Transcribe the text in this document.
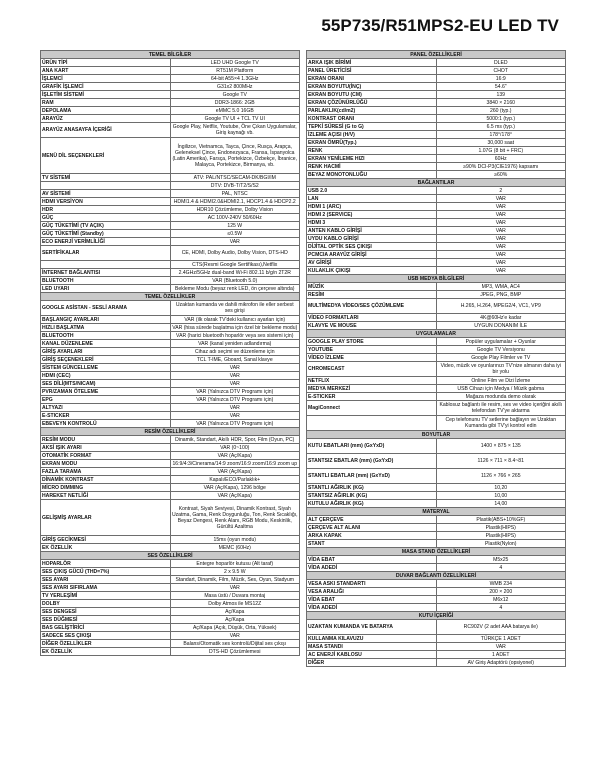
55P735/R51MPS2-EU LED TV
TEMEL BİLGİLER	
ÜRÜN TİPİ	LED UHD Google TV
ANA KART	RT51M Platform
İŞLEMCİ	64-bit A55×4 1.3GHz
GRAFİK İŞLEMCİ	G31x2 800MHz
İŞLETİM SİSTEMİ	Google TV
RAM	DDR3-1866: 2GB
DEPOLAMA	eMMC 5.0 16GB
ARAYÜZ	Google TV UI + TCL TV UI
ARAYÜZ ANASAYFA İÇERİĞİ	Google Play, Netflix, Youtube, Öne Çıkan Uygulamalar, Giriş kaynağı vb.
MENÜ DİL SEÇENEKLERİ	İngilizce, Vietnamca, Tayca, Çince, Rusça, Arapça, Geleneksel Çince, Endonezyaca, Fransa, İspanyolca (Latin Amerika), Farsça, Portekizce, Özbekçe, İbranice, Malayca, Portekizce, Birmanya, vb.
TV SİSTEMİ	ATV: PAL/NTSC/SECAM-DK/BGI/IM
	DTV: DVB-T/T2/S/S2
AV SİSTEMİ	PAL, NTSC
HDMI VERSİYON	HDMI1.4 & HDMI2.0&HDMI2.1, HDCP1.4 & HDCP2.2
HDR	HDR10 Çözümleme, Dolby Vision
GÜÇ	AC 100V-240V 50/60Hz
GÜÇ TÜKETİMİ (TV AÇIK)	125 W
GÜÇ TÜKETİMİ (Standby)	≤0.5W
ECO ENERJİ VERİMLİLİĞİ	VAR
SERTİFİKALAR	CE, HDMI, Dolby Audio, Dolby Vision, DTS-HD
	CTS(Resmi Google Sertifikası),Netflix
İNTERNET BAĞLANTISI	2.4GHz/5GHz dual-band Wi-Fi 802.11 b/g/n 2T2R
BLUETOOTH	VAR (Bluetooth 5.0)
LED UYARI	Bekleme Modu (beyaz renk LED, ön çerçeve altında)
TEMEL ÖZELLİKLER	
GOOGLE ASİSTAN - SESLİ ARAMA	Uzaktan kumanda ve dahili mikrofon ile eller serbest ses girişi
BAŞLANGIÇ AYARLARI	VAR (ilk olarak TV'deki kullanıcı ayarları için)
HIZLI BAŞLATMA	VAR (hisa sürede başlatma için özel bir bekleme modu)
BLUETOOTH	VAR (harici bluetooth hoparlör veya ses sistemi için)
KANAL DÜZENLEME	VAR (kanal yeniden adlandırma)
GİRİŞ AYARLARI	Cihaz adı seçimi ve düzenleme için
GİRİŞ SEÇENEKLERİ	TCL T-IME, Gboard, Sanal klavye
SİSTEM GÜNCELLEME	VAR
HDMI (CEC)	VAR
SES DİLİ(MTS/NICAM)	VAR
PVR/ZAMAN ÖTELEME	VAR (Yalnızca DTV Programı için)
EPG	VAR (Yalnızca DTV Programı için)
ALTYAZI	VAR
E-STICKER	VAR
EBEVEYN KONTROLÜ	VAR (Yalnızca DTV Programı için)
RESİM ÖZELLİKLERİ	
RESİM MODU	Dinamik, Standart, Akıllı HDR, Spor, Film (Oyun, PC)
AKSİ IŞIK AYARI	VAR (0~100)
OTOMATİK FORMAT	VAR (Aç/Kapa)
EKRAN MODU	16:9/4:3/Cinerama/14:9 zoom/16:9 zoom/16:9 zoom up
FAZLA TARAMA	VAR (Aç/Kapa)
DİNAMİK KONTRAST	Kapalı/ECO/Parlaklık+
MİCRO DIMMING	VAR (Aç/Kapa), 1296 bölge
HAREKET NETLİĞİ	VAR (Aç/Kapa)
GELİŞMİŞ AYARLAR	Kontrast, Siyah Seviyesi, Dinamik Kontrast, Siyah Uzatma, Gama, Renk Doygunluğu, Ton, Renk Sıcaklığı, Beyaz Dengesi, Renk Alanı, RGB Modu, Keskinlik, Gürültü Azaltma
GİRİŞ GECİKMESİ	15ms (oyun modu)
EK ÖZELLİK	MEMC (60Hz)
SES ÖZELLİKLERİ	
HOPARLÖR	Entegre hoparlör kutusu (Alt taraf)
SES ÇIKIŞ GÜCÜ (THD=7%)	2 x 9.5 W
SES AYARI	Standart, Dinamik, Film, Müzik, Ses, Oyun, Stadyum
SES AYARI SIFIRLAMA	VAR
TV YERLEŞİMİ	Masa üstü / Duvara montaj
DOLBY	Dolby Atmos ile MS12Z
SES DENGESİ	Aç/Kapa
SES DÜĞMESİ	Aç/Kapa
BAS GELİŞTİRİCİ	Aç/Kapa (Açık, Düşük, Orta, Yüksek)
SADECE SES ÇIKIŞI	VAR
DİĞER ÖZELLİKLER	Balans/Otomatik ses kontrolü/Dijital ses çıkışı
EK ÖZELLİK	DTS-HD Çözümlemesi
PANEL ÖZELLİKLERİ	
ARKA IŞIK BİRİMİ	DLED
PANEL ÜRETİCİSİ	CHOT
EKRAN ORANI	16:9
EKRAN BOYUTU(İNÇ)	54.6"
EKRAN BOYUTU (CM)	139
EKRAN ÇÖZÜNÜRLÜĞÜ	3840 × 2160
PARLAKLIK(cd/m2)	260 (typ.)
KONTRAST ORANI	5000:1 (typ.)
TEPKİ SÜRESİ (G to G)	6.5 ms (typ.)
İZLEME AÇISI (H/V)	178°/178°
EKRAN ÖMRÜ(Typ.)	30,000 saat
RENK	1.07G (8 bit + FRC)
EKRAN YENİLEME HIZI	60Hz
RENK HACMİ	≥90% DCI-P3(CIE1976) kapsamı
BEYAZ MONOTONLUĞU	≥60%
BAĞLANTILAR	
USB 2.0	2
LAN	VAR
HDMI 1 (ARC)	VAR
HDMI 2 (SERVICE)	VAR
HDMI 3	VAR
ANTEN KABLO GİRİŞİ	VAR
UYDU KABLO GİRİŞİ	VAR
DİJİTAL OPTİK SES ÇIKIŞI	VAR
PCMCIA ARAYÜZ GİRİŞİ	VAR
AV GİRİŞİ	VAR
KULAKLIK ÇIKIŞI	VAR
USB MEDYA BİLGİLERİ	
MÜZİK	MP3, WMA, AC4
RESİM	JPEG, PNG, BMP
MULTİMEDYA VİDEO/SES ÇÖZÜMLEME	H.265, H.264, MPEG2/4, VC1, VP9
VİDEO FORMATLARI	4K@60Hz'e kadar
KLAVYE VE MOUSE	UYGUN DONANIM İLE
UYGULAMALAR	
GOOGLE PLAY STORE	Popüler uygulamalar + Oyunlar
YOUTUBE	Google TV Versiyonu
VİDEO İZLEME	Google Play Filmler ve TV
CHROMECAST	Video, müzik ve oyunlarınızı TV'nize almanın daha iyi bir yolu
NETFLIX	Online Film ve Dizi İzleme
MEDYA MERKEZİ	USB Cihazı için Medya / Müzik gabma
E-STICKER	Mağaza modunda demo olarak
MagiConnect	Kablosuz bağlantı ile resim, ses ve video içeriğini akıllı telefondan TV'ye aktarma
	Cep telefonunu TV setlerine bağlayın ve Uzaktan Kumanda gibi TV'yi kontrol edin
BOYUTLAR	
KUTU EBATLARI (mm) (GxYxD)	1400 × 875 × 135
STANTSIZ EBATLAR (mm) (GxYxD)	1126 × 711 × 8.4~81
STANTLI EBATLAR (mm) (GxYxD)	1126 × 766 × 265
STANTLI AĞIRLIK (KG)	10,20
STANTSIZ AĞIRLIK (KG)	10,00
KUTULU AĞIRLIK (KG)	14,00
MATERYAL	
ALT ÇERÇEVE	Plastik(ABS+10%GF)
ÇERÇEVE ALT ALANI	Plastik(HIPS)
ARKA KAPAK	Plastik(HIPS)
STANT	Plastik(Nylon)
MASA STAND ÖZELLİKLERİ	
VİDA EBAT	M5x25
VİDA ADEDİ	4
DUVAR BAĞLANTI ÖZELLİKLERİ	
VESA ASKI STANDARTI	WMB 234
VESA ARALIĞI	200 × 200
VİDA EBAT	M6x12
VİDA ADEDİ	4
KUTU İÇERİĞİ	
UZAKTAN KUMANDA VE BATARYA	RC902V (2 adet AAA batarya ile)
KULLANMA KILAVUZU	TÜRKÇE 1 ADET
MASA STANDI	VAR
AC ENERJİ KABLOSU	1 ADET
DİĞER	AV Giriş Adaptörü (opsiyonel)
